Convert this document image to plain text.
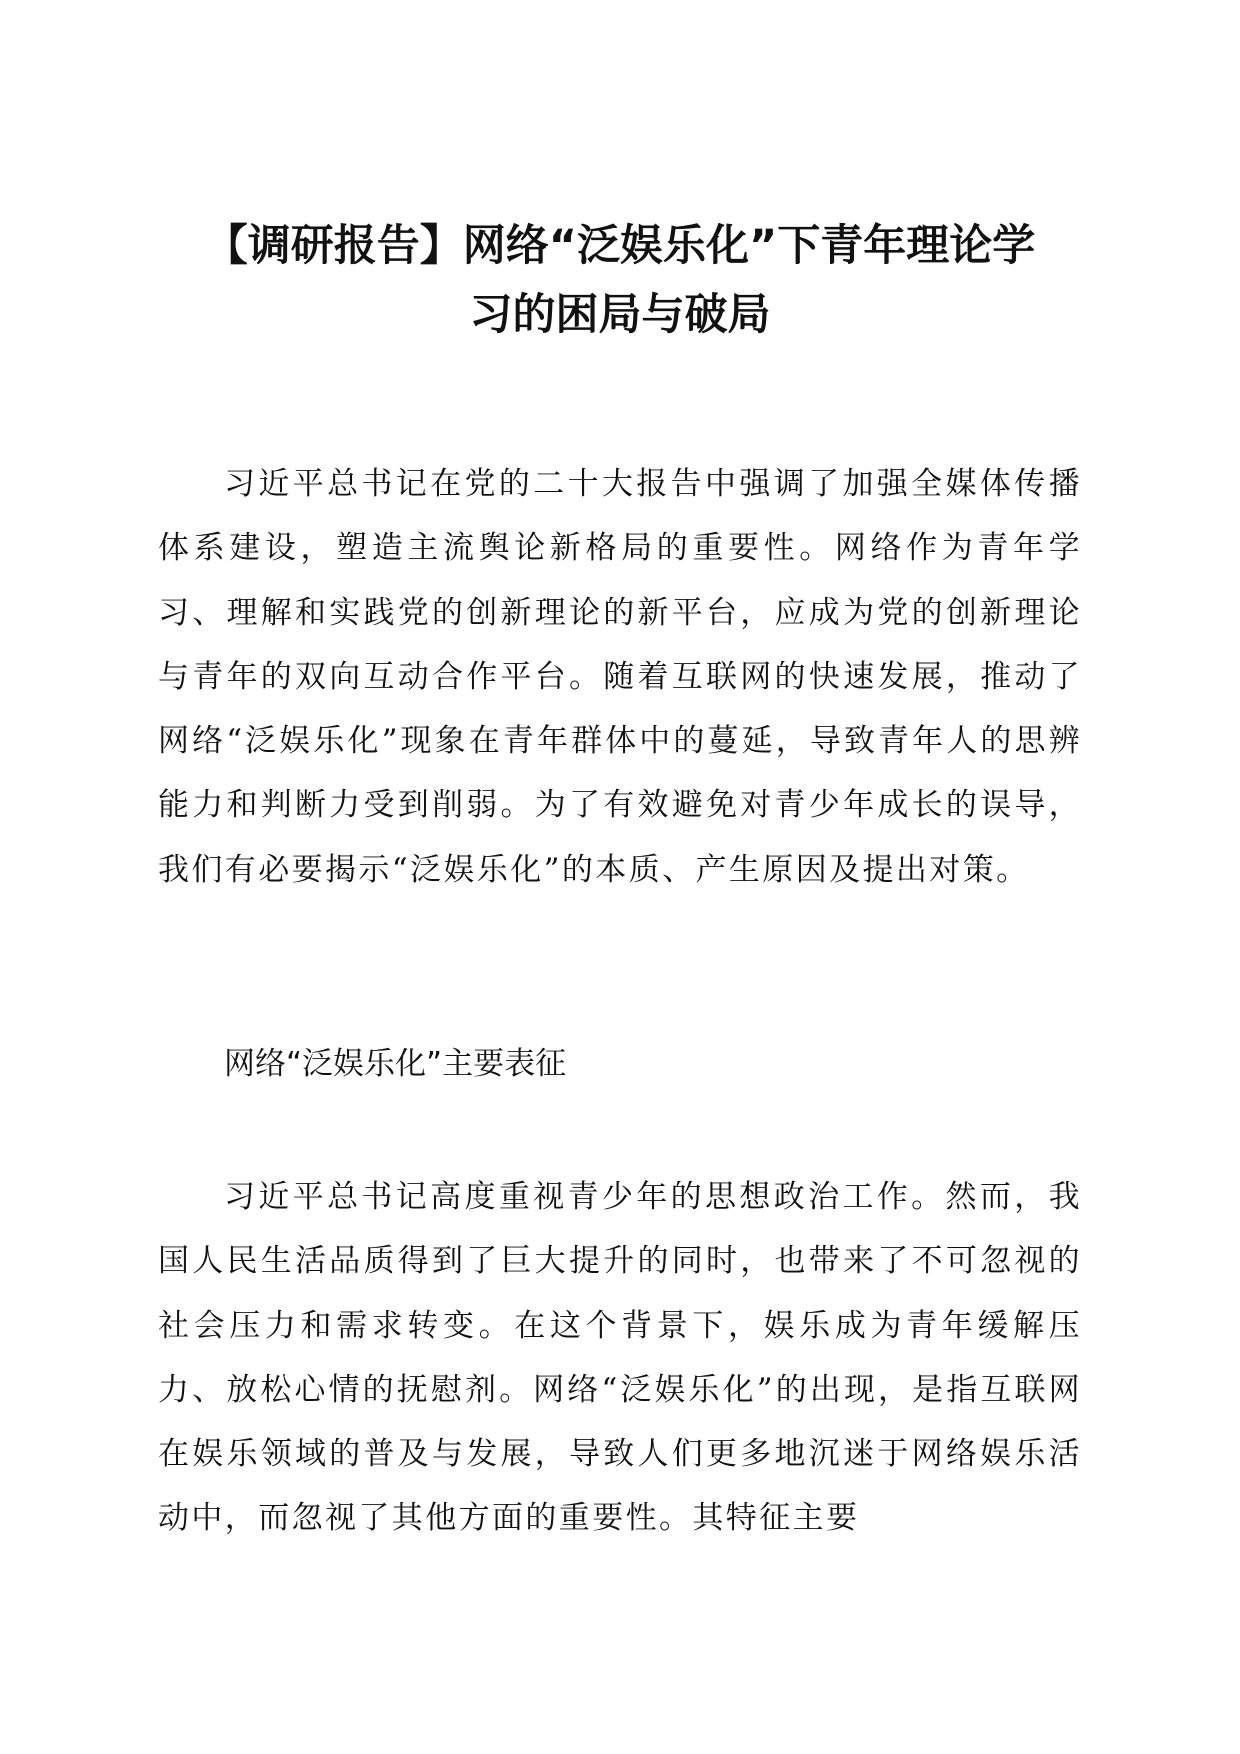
【调研报告】网络“泛娱乐化”下青年理论学
习的困局与破局

习近平总书记在党的二十大报告中强调了加强全媒体传播体系建设，塑造主流舆论新格局的重要性。网络作为青年学习、理解和实践党的创新理论的新平台，应成为党的创新理论与青年的双向互动合作平台。随着互联网的快速发展，推动了网络“泛娱乐化”现象在青年群体中的蔓延，导致青年人的思辨能力和判断力受到削弱。为了有效避免对青少年成长的误导，我们有必要揭示“泛娱乐化”的本质、产生原因及提出对策。

网络“泛娱乐化”主要表征

习近平总书记高度重视青少年的思想政治工作。然而，我国人民生活品质得到了巨大提升的同时，也带来了不可忽视的社会压力和需求转变。在这个背景下，娱乐成为青年缓解压力、放松心情的抚慰剂。网络“泛娱乐化”的出现，是指互联网在娱乐领域的普及与发展，导致人们更多地沉迷于网络娱乐活动中，而忽视了其他方面的重要性。其特征主要
